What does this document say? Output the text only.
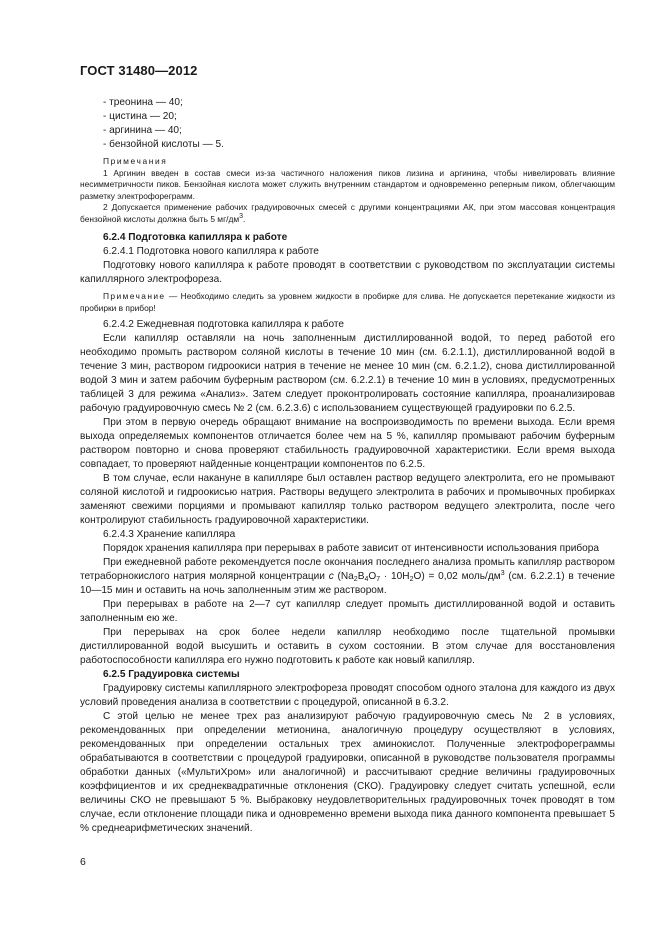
ГОСТ 31480—2012

- треонина — 40;

- цистина — 20;

- аргинина — 40;

- бензойной кислоты — 5.

Примечания

1 Аргинин введен в состав смеси из-за частичного наложения пиков лизина и аргинина, чтобы нивелировать влияние несимметричности пиков. Бензойная кислота может служить внутренним стандартом и одновременно реперным пиком, облегчающим разметку электрофореграмм.

2 Допускается применение рабочих градуировочных смесей с другими концентрациями АК, при этом массовая концентрация бензойной кислоты должна быть 5 $мг/дм^3$.

6.2.4 Подготовка капилляра к работе

6.2.4.1 Подготовка нового капилляра к работе

Подготовку нового капилляра к работе проводят в соответствии с руководством по эксплуатации системы капиллярного электрофореза.

Примечание — Необходимо следить за уровнем жидкости в пробирке для слива. Не допускается перетекание жидкости из пробирки в прибор!

6.2.4.2 Ежедневная подготовка капилляра к работе

Если капилляр оставляли на ночь заполненным дистиллированной водой, то перед работой его необходимо промыть раствором соляной кислоты в течение 10 мин (см. 6.2.1.1), дистиллированной водой в течение 3 мин, раствором гидроокиси натрия в течение не менее 10 мин (см. 6.2.1.2), снова дистиллированной водой 3 мин и затем рабочим буферным раствором (см. 6.2.2.1) в течение 10 мин в условиях, предусмотренных таблицей 3 для режима «Анализ». Затем следует проконтролировать состояние капилляра, проанализировав рабочую градуировочную смесь № 2 (см. 6.2.3.6) с использованием существующей градуировки по 6.2.5.

При этом в первую очередь обращают внимание на воспроизводимость по времени выхода. Если время выхода определяемых компонентов отличается более чем на 5 %, капилляр промывают рабочим буферным раствором повторно и снова проверяют стабильность градуировочной характеристики. Если время выхода совпадает, то проверяют найденные концентрации компонентов по 6.2.5.

В том случае, если накануне в капилляре был оставлен раствор ведущего электролита, его не промывают соляной кислотой и гидроокисью натрия. Растворы ведущего электролита в рабочих и промывочных пробирках заменяют свежими порциями и промывают капилляр только раствором ведущего электролита, после чего контролируют стабильность градуировочной характеристики.

6.2.4.3 Хранение капилляра

Порядок хранения капилляра при перерывах в работе зависит от интенсивности использования прибора

При ежедневной работе рекомендуется после окончания последнего анализа промыть капилляр раствором тетраборнокислого натрия молярной концентрации с $(Na_2B_4O_7 \cdot 10H_2O) = 0,02$ моль/$дм^3$ (см. 6.2.2.1) в течение 10—15 мин и оставить на ночь заполненным этим же раствором.

При перерывах в работе на 2—7 сут капилляр следует промыть дистиллированной водой и оставить заполненным ею же.

При перерывах на срок более недели капилляр необходимо после тщательной промывки дистиллированной водой высушить и оставить в сухом состоянии. В этом случае для восстановления работоспособности капилляра его нужно подготовить к работе как новый капилляр.

6.2.5 Градуировка системы

Градуировку системы капиллярного электрофореза проводят способом одного эталона для каждого из двух условий проведения анализа в соответствии с процедурой, описанной в 6.3.2.

С этой целью не менее трех раз анализируют рабочую градуировочную смесь № 2 в условиях, рекомендованных при определении метионина, аналогичную процедуру осуществляют в условиях, рекомендованных при определении остальных трех аминокислот. Полученные электрофореграммы обрабатываются в соответствии с процедурой градуировки, описанной в руководстве пользователя программы обработки данных («МультиХром» или аналогичной) и рассчитывают средние величины градуировочных коэффициентов и их среднеквадратичные отклонения (СКО). Градуировку следует считать успешной, если величины СКО не превышают 5 %. Выбраковку неудовлетворительных градуировочных точек проводят в том случае, если отклонение площади пика и одновременно времени выхода пика данного компонента превышает 5 % среднеарифметических значений.

6
